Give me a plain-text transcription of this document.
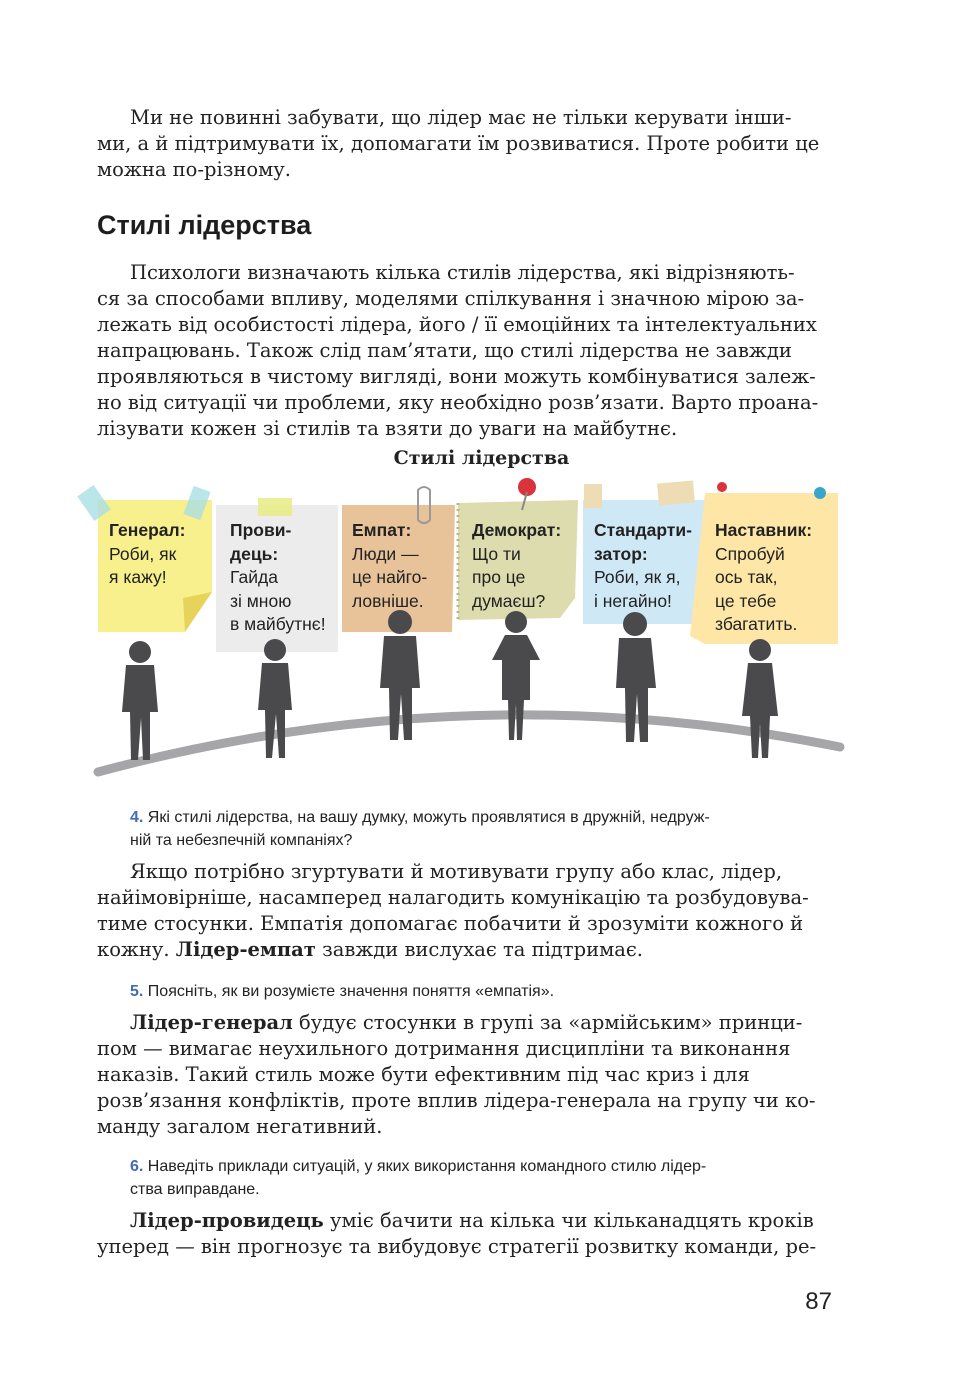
Ми не повинні забувати, що лідер має не тільки керувати інши-
ми, а й підтримувати їх, допомагати їм розвиватися. Проте робити це
можна по-різному.
Стилі лідерства
Психологи визначають кілька стилів лідерства, які відрізняють-
ся за способами впливу, моделями спілкування і значною мірою за-
лежать від особистості лідера, його / її емоційних та інтелектуальних
напрацювань. Також слід пам’ятати, що стилі лідерства не завжди
проявляються в чистому вигляді, вони можуть комбінуватися залеж-
но від ситуації чи проблеми, яку необхідно розв’язати. Варто проана-
лізувати кожен зі стилів та взяти до уваги на майбутнє.
Стилі лідерства
Генерал:
Роби, як
я кажу!
Прови-
дець:
Гайда
зі мною
в майбутнє!
Емпат:
Люди —
це найго-
ловніше.
Демократ:
Що ти
про це
думаєш?
Стандарти-
затор:
Роби, як я,
і негайно!
Наставник:
Спробуй
ось так,
це тебе
збагатить.
4. Які стилі лідерства, на вашу думку, можуть проявлятися в дружній, недруж-
ній та небезпечній компаніях?
Якщо потрібно згуртувати й мотивувати групу або клас, лідер,
найімовірніше, насамперед налагодить комунікацію та розбудовува-
тиме стосунки. Емпатія допомагає побачити й зрозуміти кожного й
кожну. Лідер-емпат завжди вислухає та підтримає.
5. Поясніть, як ви розумієте значення поняття «емпатія».
Лідер-генерал будує стосунки в групі за «армійським» принци-
пом — вимагає неухильного дотримання дисципліни та виконання
наказів. Такий стиль може бути ефективним під час криз і для
розв’язання конфліктів, проте вплив лідера-генерала на групу чи ко-
манду загалом негативний.
6. Наведіть приклади ситуацій, у яких використання командного стилю лідер-
ства виправдане.
Лідер-провидець уміє бачити на кілька чи кільканадцять кроків
уперед — він прогнозує та вибудовує стратегії розвитку команди, ре-
87
